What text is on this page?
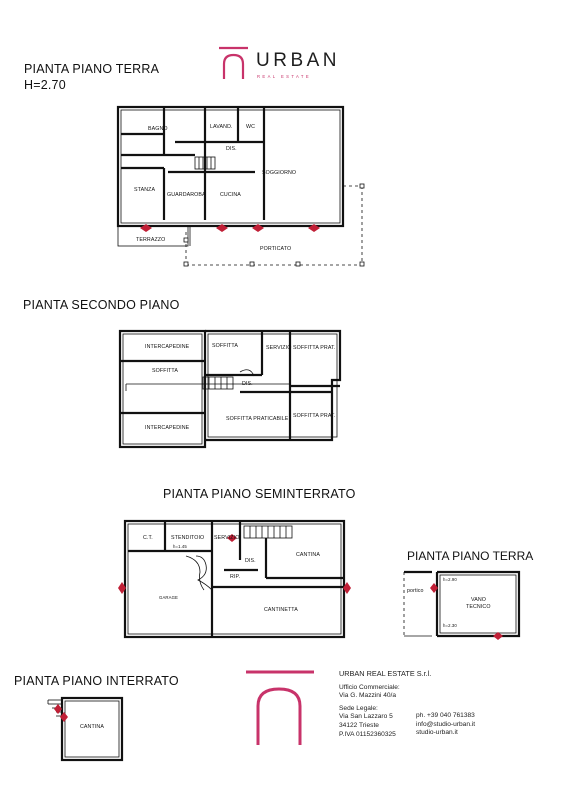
URBAN
REAL ESTATE
PIANTA PIANO TERRA
H=2.70
BAGNO	LAVAND.	WC
DIS.
SOGGIORNO
STANZA
GUARDAROBA	CUCINA
TERRAZZO
PORTICATO
PIANTA SECONDO PIANO
INTERCAPEDINE
SOFFITTA
INTERCAPEDINE
SOFFITTA	SERVIZIO SOFFITTA PRAT.
DIS.
SOFFITTA PRATICABILE SOFFITTA PRAT.
PIANTA PIANO SEMINTERRATO
C.T.	STENDITOIO
h=1.45
SERVIZIO
CANTINA
DIS.
RIP.
GARAGE
CANTINETTA
PIANTA PIANO TERRA
portico
VANO
TECNICO
h=2.90
h=2.30
PIANTA PIANO INTERRATO
CANTINA
URBAN REAL ESTATE S.r.l.
Ufficio Commerciale:
Via G. Mazzini 40/a
Sede Legale:
Via San Lazzaro 5
34122 Trieste
P.IVA 01152360325
ph. +39 040 761383
info@studio-urban.it
studio-urban.it
